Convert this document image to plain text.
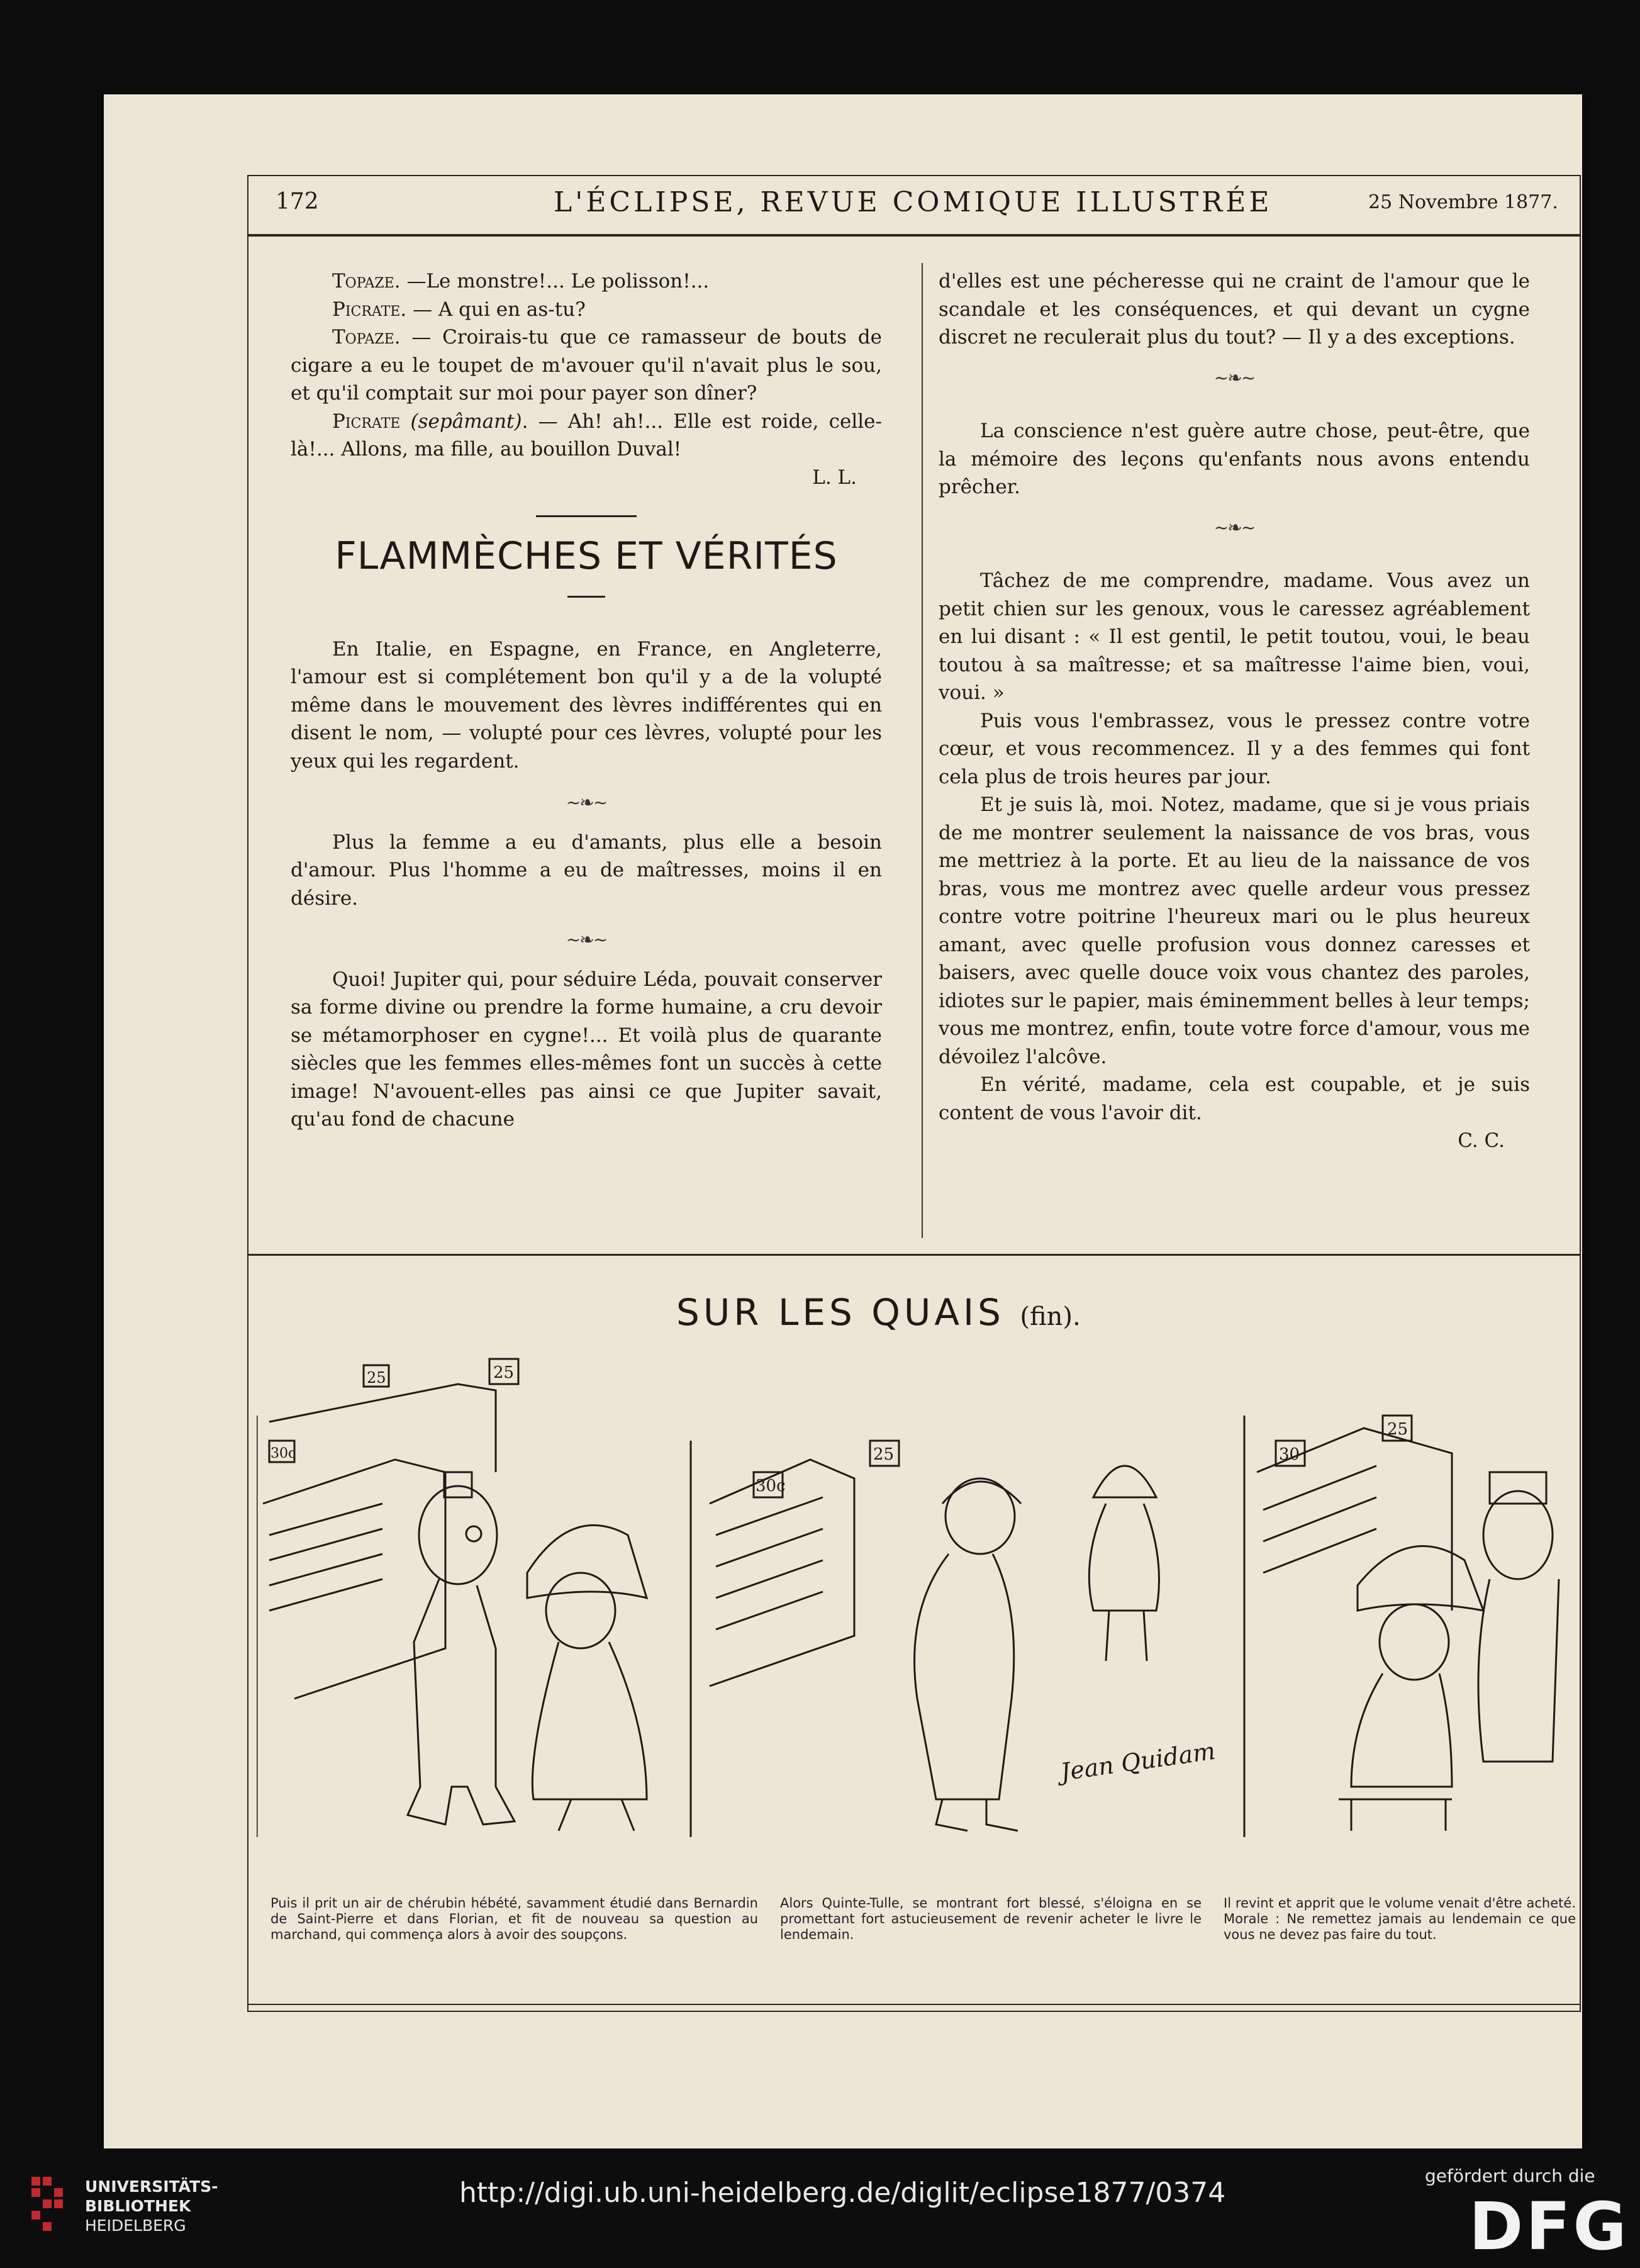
172	L'ÉCLIPSE, REVUE COMIQUE ILLUSTRÉE	25 Novembre 1877.

Topaze. —Le monstre!... Le polisson!...

Picrate. — A qui en as-tu?

Topaze. — Croirais-tu que ce ramasseur de bouts de cigare a eu le toupet de m'avouer qu'il n'avait plus le sou, et qu'il comptait sur moi pour payer son dîner?

Picrate (sepâmant). — Ah! ah!... Elle est roide, celle-là!... Allons, ma fille, au bouillon Duval!

L. L.

FLAMMÈCHES ET VÉRITÉS

En Italie, en Espagne, en France, en Angleterre, l'amour est si complétement bon qu'il y a de la volupté même dans le mouvement des lèvres indifférentes qui en disent le nom, — volupté pour ces lèvres, volupté pour les yeux qui les regardent.

~❧~

Plus la femme a eu d'amants, plus elle a besoin d'amour. Plus l'homme a eu de maîtresses, moins il en désire.

~❧~

Quoi! Jupiter qui, pour séduire Léda, pouvait conserver sa forme divine ou prendre la forme humaine, a cru devoir se métamorphoser en cygne!... Et voilà plus de quarante siècles que les femmes elles-mêmes font un succès à cette image! N'avouent-elles pas ainsi ce que Jupiter savait, qu'au fond de chacune

d'elles est une pécheresse qui ne craint de l'amour que le scandale et les conséquences, et qui devant un cygne discret ne reculerait plus du tout? — Il y a des exceptions.

~❧~

La conscience n'est guère autre chose, peut-être, que la mémoire des leçons qu'enfants nous avons entendu prêcher.

~❧~

Tâchez de me comprendre, madame. Vous avez un petit chien sur les genoux, vous le caressez agréablement en lui disant : « Il est gentil, le petit toutou, voui, le beau toutou à sa maîtresse; et sa maîtresse l'aime bien, voui, voui. »

Puis vous l'embrassez, vous le pressez contre votre cœur, et vous recommencez. Il y a des femmes qui font cela plus de trois heures par jour.

Et je suis là, moi. Notez, madame, que si je vous priais de me montrer seulement la naissance de vos bras, vous me mettriez à la porte. Et au lieu de la naissance de vos bras, vous me montrez avec quelle ardeur vous pressez contre votre poitrine l'heureux mari ou le plus heureux amant, avec quelle profusion vous donnez caresses et baisers, avec quelle douce voix vous chantez des paroles, idiotes sur le papier, mais éminemment belles à leur temps; vous me montrez, enfin, toute votre force d'amour, vous me dévoilez l'alcôve.

En vérité, madame, cela est coupable, et je suis content de vous l'avoir dit.

C. C.

SUR LES QUAIS (fin).
25	25
30c
30c
25	30
25
Jean Quidam
Puis il prit un air de chérubin hébété, savamment étudié dans Bernardin de Saint-Pierre et dans Florian, et fit de nouveau sa question au marchand, qui commença alors à avoir des soupçons.
Alors Quinte-Tulle, se montrant fort blessé, s'éloigna en se promettant fort astucieusement de revenir acheter le livre le lendemain.
Il revint et apprit que le volume venait d'être acheté. Morale : Ne remettez jamais au lendemain ce que vous ne devez pas faire du tout.
UNIVERSITÄTS-
BIBLIOTHEK
HEIDELBERG
http://digi.ub.uni-heidelberg.de/diglit/eclipse1877/0374
gefördert durch die
DFG
